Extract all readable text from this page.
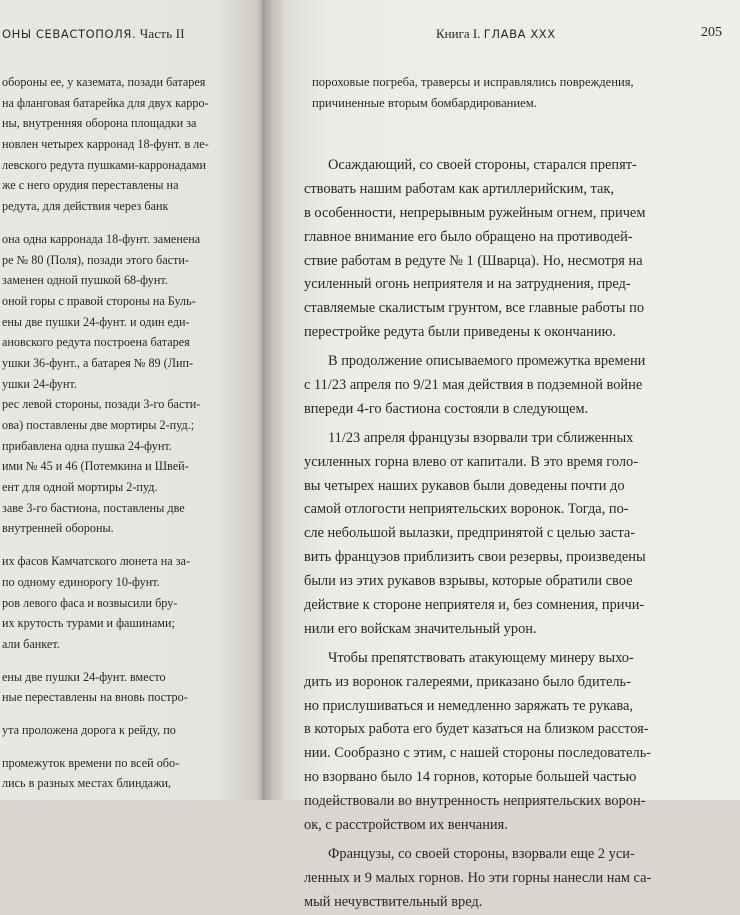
ОНЫ СЕВАСТОПОЛЯ. Часть II
обороны ее, у каземата, позади батарея
на фланговая батарейка для двух карро-
ны, внутренняя оборона площадки за
новлен четырех карронад 18-фунт. в ле-
левского редута пушками-карронадами
же с него орудия переставлены на
редута, для действия через банк
она одна карронада 18-фунт. заменена
ре № 80 (Поля), позади этого басти-
заменен одной пушкой 68-фунт.
оной горы с правой стороны на Буль-
ены две пушки 24-фунт. и один еди-
ановского редута построена батарея
ушки 36-фунт., а батарея № 89 (Лип-
ушки 24-фунт.
рес левой стороны, позади 3-го басти-
ова) поставлены две мортиры 2-пуд.;
прибавлена одна пушка 24-фунт.
ими № 45 и 46 (Потемкина и Швей-
ент для одной мортиры 2-пуд.
заве 3-го бастиона, поставлены две
внутренней обороны.
их фасов Камчатского люнета на за-
по одному единорогу 10-фунт.
ров левого фаса и возвысили бру-
их крутость турами и фашинами;
али банкет.
ены две пушки 24-фунт. вместо
ные переставлены на вновь постро-
ута проложена дорога к рейду, по
промежуток времени по всей обо-
лись в разных местах блиндажи,
Книга I. ГЛАВА XXX	205
пороховые погреба, траверсы и исправлялись повреждения,
причиненные вторым бомбардированием.
Осаждающий, со своей стороны, старался препят-
ствовать нашим работам как артиллерийским, так,
в особенности, непрерывным ружейным огнем, причем
главное внимание его было обращено на противодей-
ствие работам в редуте № 1 (Шварца). Но, несмотря на
усиленный огонь неприятеля и на затруднения, пред-
ставляемые скалистым грунтом, все главные работы по
перестройке редута были приведены к окончанию.
В продолжение описываемого промежутка времени
с 11/23 апреля по 9/21 мая действия в подземной войне
впереди 4-го бастиона состояли в следующем.
11/23 апреля французы взорвали три сближенных
усиленных горна влево от капитали. В это время голо-
вы четырех наших рукавов были доведены почти до
самой отлогости неприятельских воронок. Тогда, по-
сле небольшой вылазки, предпринятой с целью заста-
вить французов приблизить свои резервы, произведены
были из этих рукавов взрывы, которые обратили свое
действие к стороне неприятеля и, без сомнения, причи-
нили его войскам значительный урон.
Чтобы препятствовать атакующему минеру выхо-
дить из воронок галереями, приказано было бдитель-
но прислушиваться и немедленно заряжать те рукава,
в которых работа его будет казаться на близком расстоя-
нии. Сообразно с этим, с нашей стороны последователь-
но взорвано было 14 горнов, которые большей частью
подействовали во внутренность неприятельских ворон-
ок, с расстройством их венчания.
Французы, со своей стороны, взорвали еще 2 уси-
ленных и 9 малых горнов. Но эти горны нанесли нам са-
мый нечувствительный вред.
